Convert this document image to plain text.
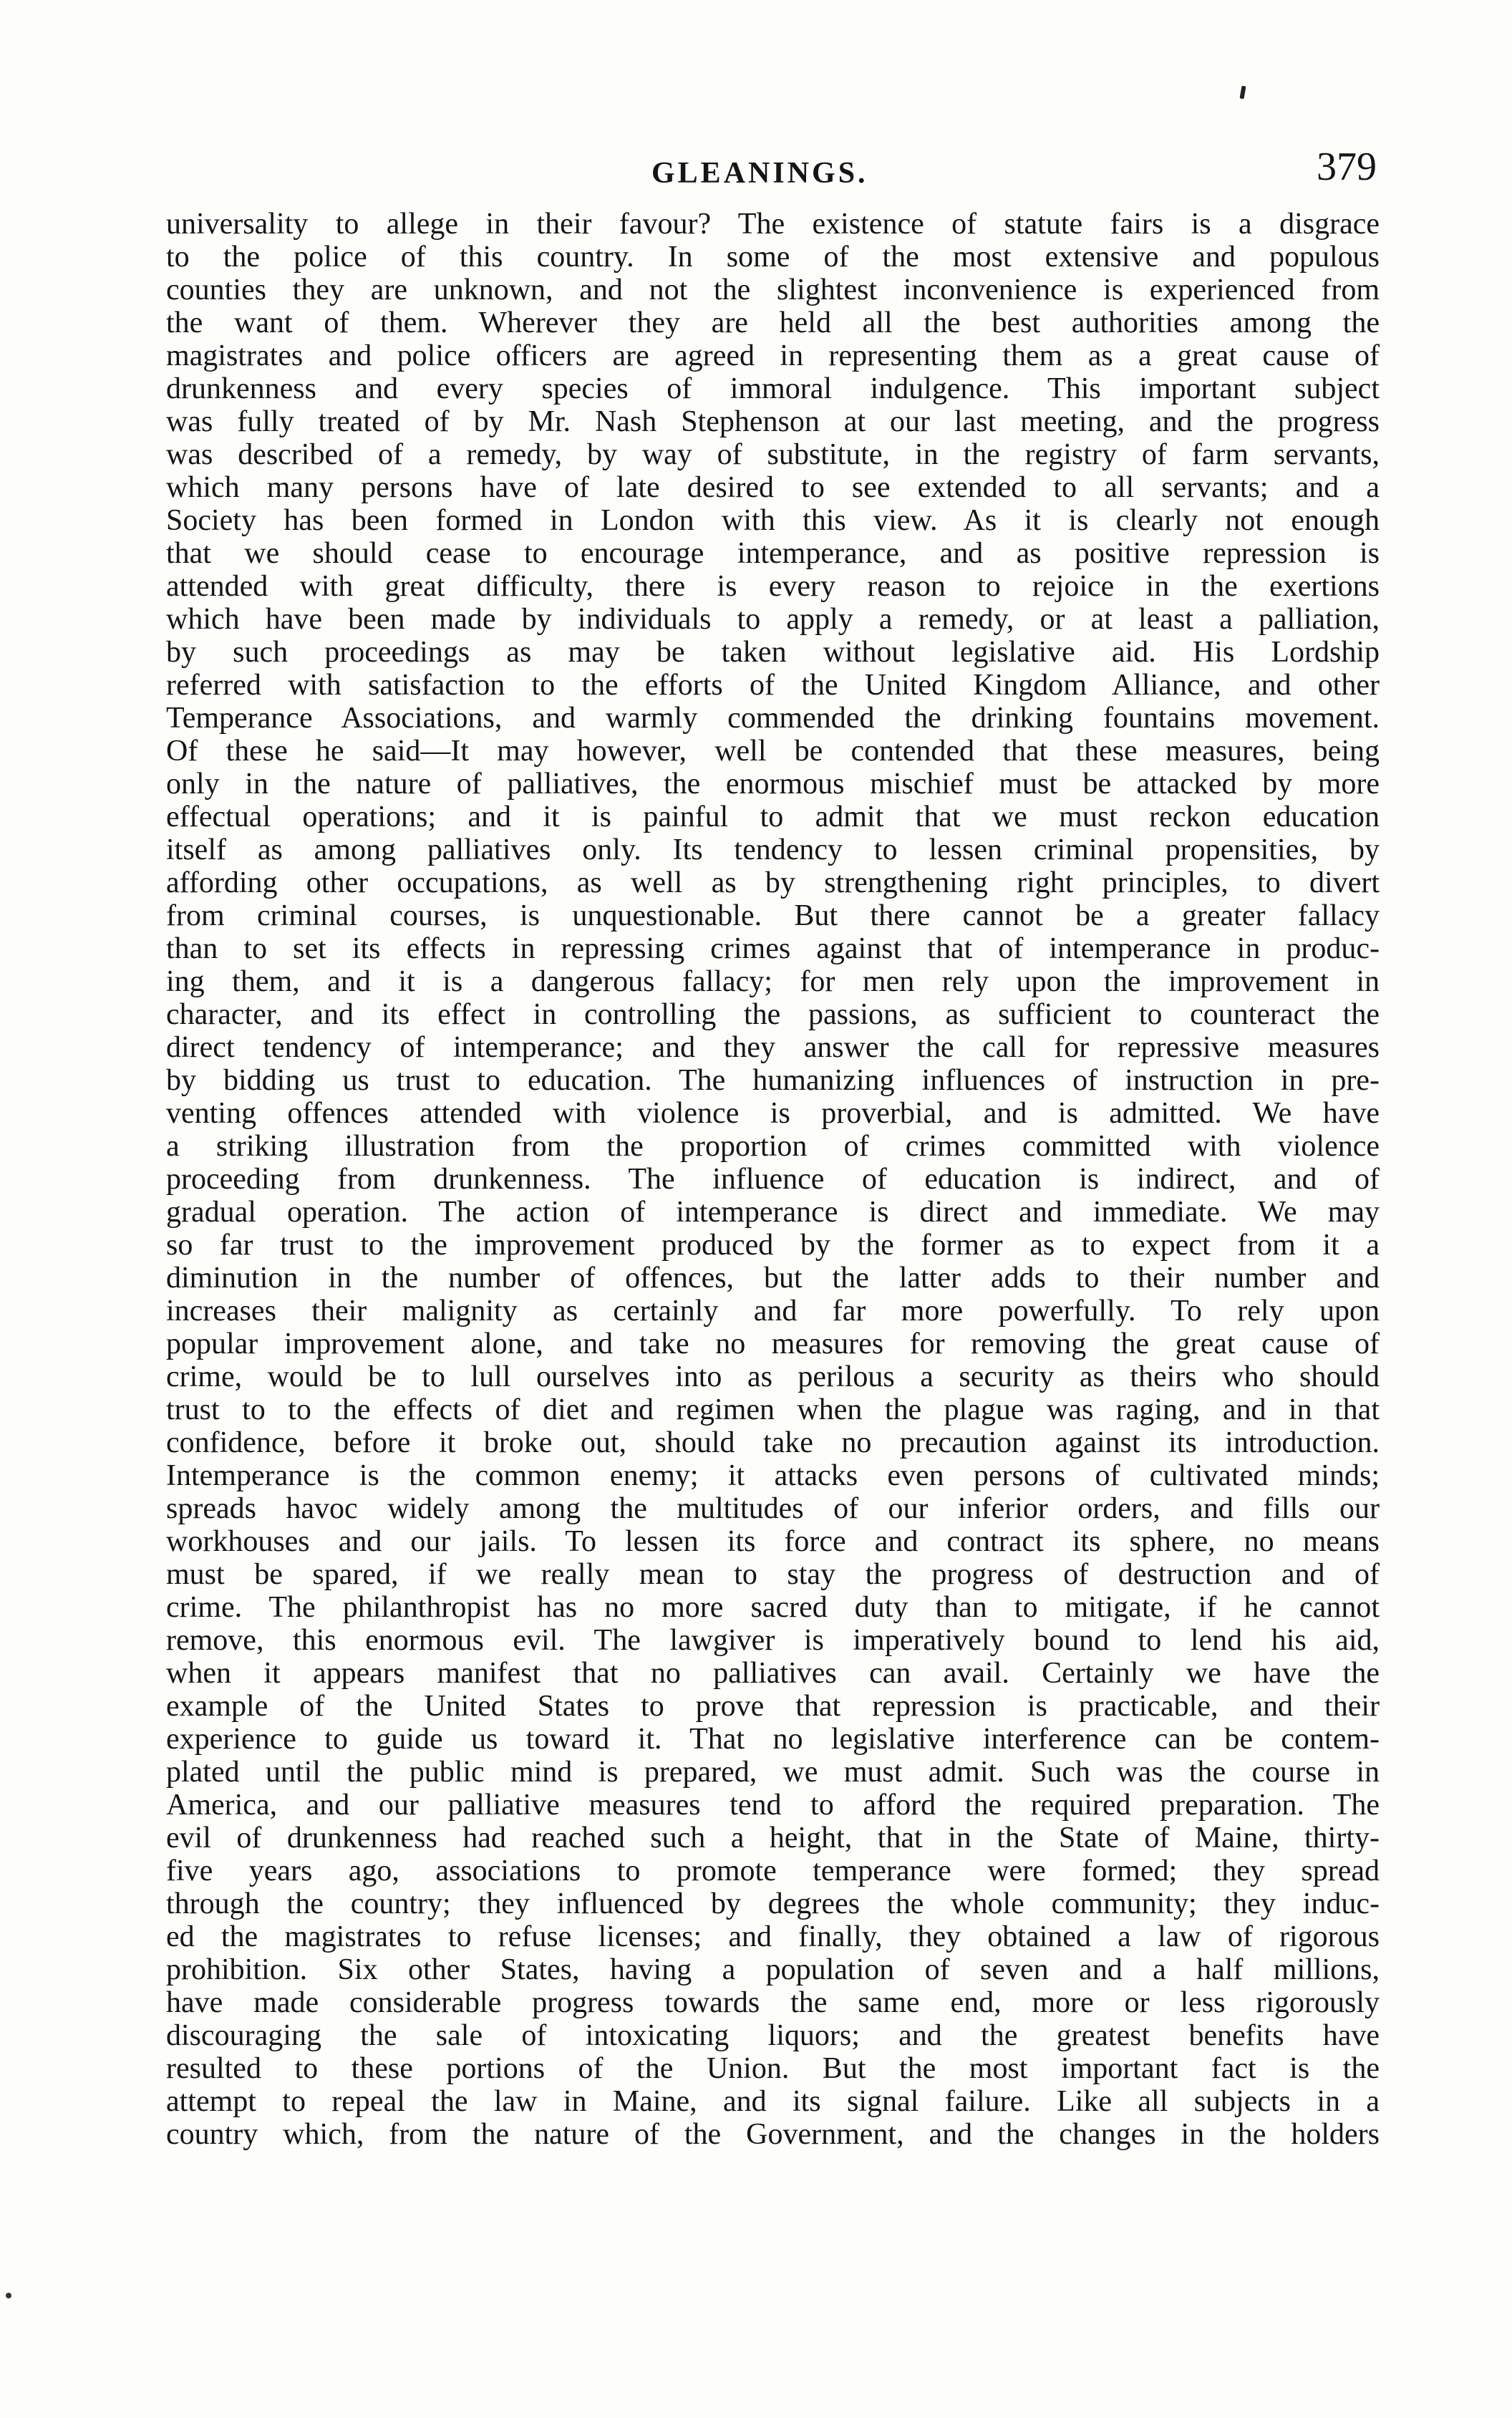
GLEANINGS.	379
universality to allege in their favour? The existence of statute fairs is a disgrace
to the police of this country. In some of the most extensive and populous
counties they are unknown, and not the slightest inconvenience is experienced from
the want of them. Wherever they are held all the best authorities among the
magistrates and police officers are agreed in representing them as a great cause of
drunkenness and every species of immoral indulgence. This important subject
was fully treated of by Mr. Nash Stephenson at our last meeting, and the progress
was described of a remedy, by way of substitute, in the registry of farm servants,
which many persons have of late desired to see extended to all servants; and a
Society has been formed in London with this view. As it is clearly not enough
that we should cease to encourage intemperance, and as positive repression is
attended with great difficulty, there is every reason to rejoice in the exertions
which have been made by individuals to apply a remedy, or at least a palliation,
by such proceedings as may be taken without legislative aid. His Lordship
referred with satisfaction to the efforts of the United Kingdom Alliance, and other
Temperance Associations, and warmly commended the drinking fountains movement.
Of these he said—It may however, well be contended that these measures, being
only in the nature of palliatives, the enormous mischief must be attacked by more
effectual operations; and it is painful to admit that we must reckon education
itself as among palliatives only. Its tendency to lessen criminal propensities, by
affording other occupations, as well as by strengthening right principles, to divert
from criminal courses, is unquestionable. But there cannot be a greater fallacy
than to set its effects in repressing crimes against that of intemperance in produc-
ing them, and it is a dangerous fallacy; for men rely upon the improvement in
character, and its effect in controlling the passions, as sufficient to counteract the
direct tendency of intemperance; and they answer the call for repressive measures
by bidding us trust to education. The humanizing influences of instruction in pre-
venting offences attended with violence is proverbial, and is admitted. We have
a striking illustration from the proportion of crimes committed with violence
proceeding from drunkenness. The influence of education is indirect, and of
gradual operation. The action of intemperance is direct and immediate. We may
so far trust to the improvement produced by the former as to expect from it a
diminution in the number of offences, but the latter adds to their number and
increases their malignity as certainly and far more powerfully. To rely upon
popular improvement alone, and take no measures for removing the great cause of
crime, would be to lull ourselves into as perilous a security as theirs who should
trust to to the effects of diet and regimen when the plague was raging, and in that
confidence, before it broke out, should take no precaution against its introduction.
Intemperance is the common enemy; it attacks even persons of cultivated minds;
spreads havoc widely among the multitudes of our inferior orders, and fills our
workhouses and our jails. To lessen its force and contract its sphere, no means
must be spared, if we really mean to stay the progress of destruction and of
crime. The philanthropist has no more sacred duty than to mitigate, if he cannot
remove, this enormous evil. The lawgiver is imperatively bound to lend his aid,
when it appears manifest that no palliatives can avail. Certainly we have the
example of the United States to prove that repression is practicable, and their
experience to guide us toward it. That no legislative interference can be contem-
plated until the public mind is prepared, we must admit. Such was the course in
America, and our palliative measures tend to afford the required preparation. The
evil of drunkenness had reached such a height, that in the State of Maine, thirty-
five years ago, associations to promote temperance were formed; they spread
through the country; they influenced by degrees the whole community; they induc-
ed the magistrates to refuse licenses; and finally, they obtained a law of rigorous
prohibition. Six other States, having a population of seven and a half millions,
have made considerable progress towards the same end, more or less rigorously
discouraging the sale of intoxicating liquors; and the greatest benefits have
resulted to these portions of the Union. But the most important fact is the
attempt to repeal the law in Maine, and its signal failure. Like all subjects in a
country which, from the nature of the Government, and the changes in the holders
